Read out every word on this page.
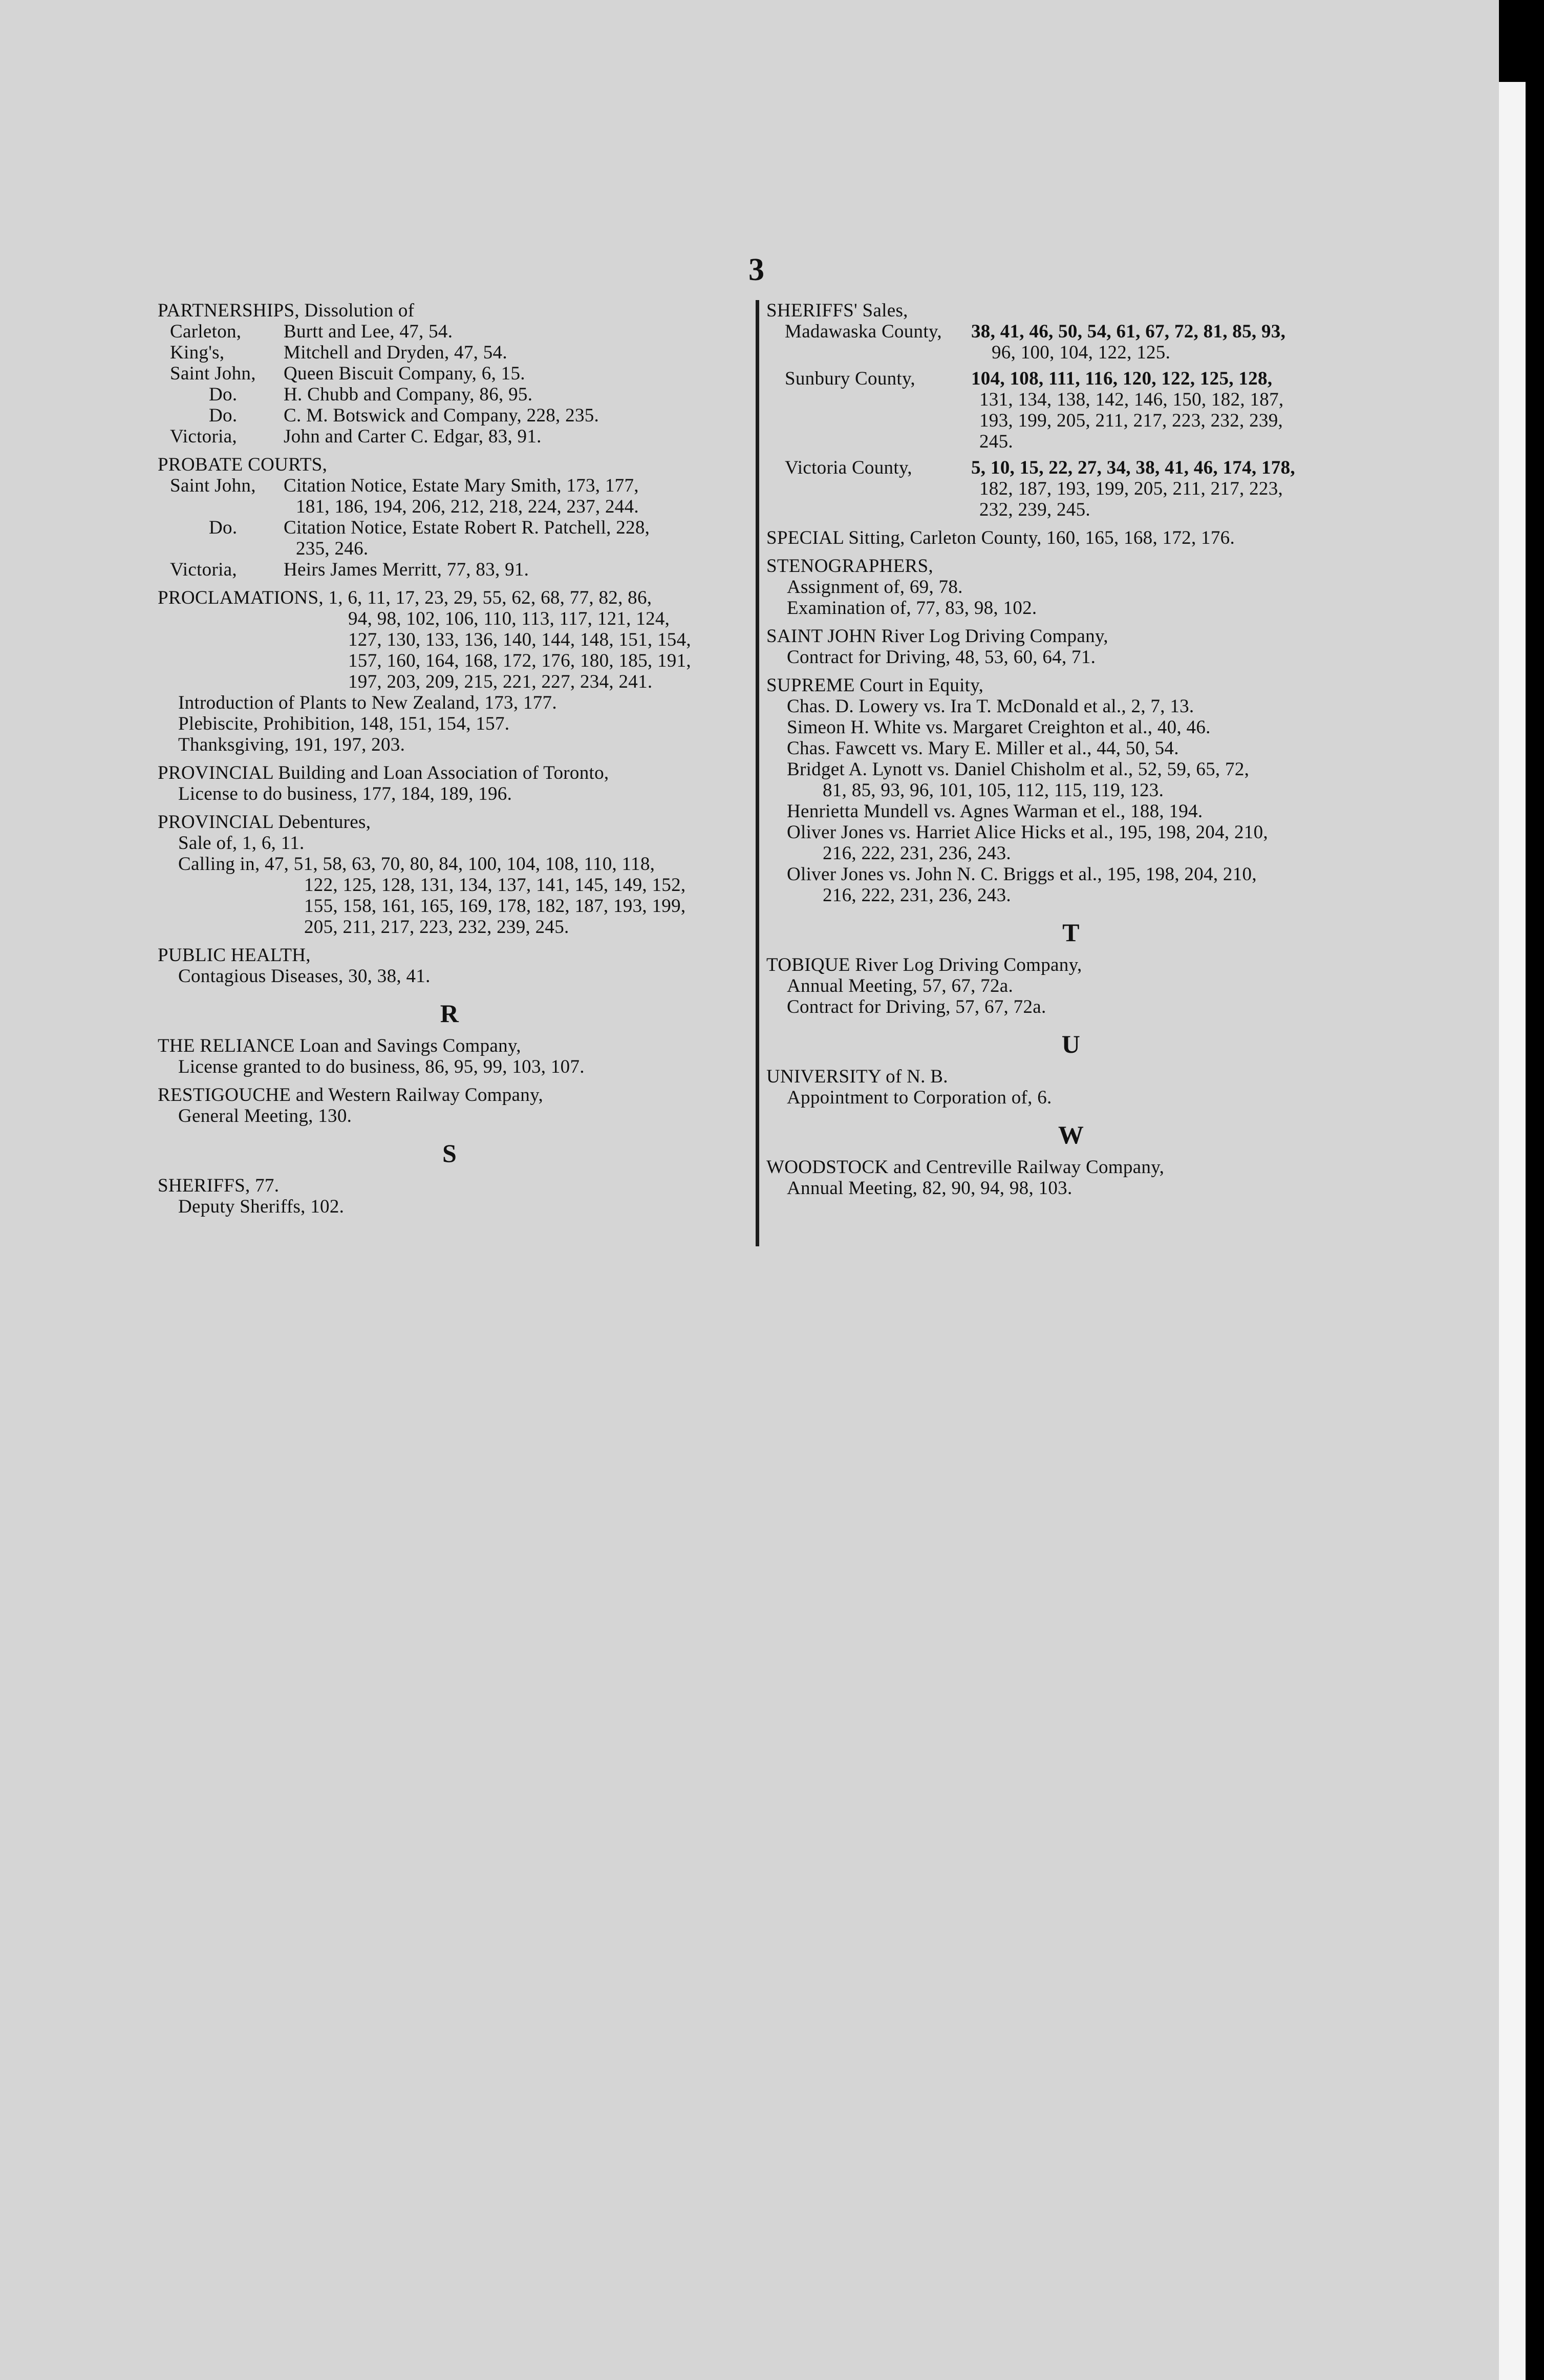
3
PARTNERSHIPS, Dissolution of
Carleton,	Burtt and Lee, 47, 54.
King's,	Mitchell and Dryden, 47, 54.
Saint John,	Queen Biscuit Company, 6, 15.
Do.	H. Chubb and Company, 86, 95.
Do.	C. M. Botswick and Company, 228, 235.
Victoria,	John and Carter C. Edgar, 83, 91.
PROBATE COURTS,
Saint John,	Citation Notice, Estate Mary Smith, 173, 177,
181, 186, 194, 206, 212, 218, 224, 237, 244.
Do.	Citation Notice, Estate Robert R. Patchell, 228,
235, 246.
Victoria,	Heirs James Merritt, 77, 83, 91.
PROCLAMATIONS, 1, 6, 11, 17, 23, 29, 55, 62, 68, 77, 82, 86,
94, 98, 102, 106, 110, 113, 117, 121, 124,
127, 130, 133, 136, 140, 144, 148, 151, 154,
157, 160, 164, 168, 172, 176, 180, 185, 191,
197, 203, 209, 215, 221, 227, 234, 241.
Introduction of Plants to New Zealand, 173, 177.
Plebiscite, Prohibition, 148, 151, 154, 157.
Thanksgiving, 191, 197, 203.
PROVINCIAL Building and Loan Association of Toronto,
License to do business, 177, 184, 189, 196.
PROVINCIAL Debentures,
Sale of, 1, 6, 11.
Calling in, 47, 51, 58, 63, 70, 80, 84, 100, 104, 108, 110, 118,
122, 125, 128, 131, 134, 137, 141, 145, 149, 152,
155, 158, 161, 165, 169, 178, 182, 187, 193, 199,
205, 211, 217, 223, 232, 239, 245.
PUBLIC HEALTH,
Contagious Diseases, 30, 38, 41.
R
THE RELIANCE Loan and Savings Company,
License granted to do business, 86, 95, 99, 103, 107.
RESTIGOUCHE and Western Railway Company,
General Meeting, 130.
S
SHERIFFS, 77.
Deputy Sheriffs, 102.
SHERIFFS' Sales,
Madawaska County,	38, 41, 46, 50, 54, 61, 67, 72, 81, 85, 93,
96, 100, 104, 122, 125.
Sunbury County,	104, 108, 111, 116, 120, 122, 125, 128,
131, 134, 138, 142, 146, 150, 182, 187,
193, 199, 205, 211, 217, 223, 232, 239,
245.
Victoria County,	5, 10, 15, 22, 27, 34, 38, 41, 46, 174, 178,
182, 187, 193, 199, 205, 211, 217, 223,
232, 239, 245.
SPECIAL Sitting, Carleton County, 160, 165, 168, 172, 176.
STENOGRAPHERS,
Assignment of, 69, 78.
Examination of, 77, 83, 98, 102.
SAINT JOHN River Log Driving Company,
Contract for Driving, 48, 53, 60, 64, 71.
SUPREME Court in Equity,
Chas. D. Lowery vs. Ira T. McDonald et al., 2, 7, 13.
Simeon H. White vs. Margaret Creighton et al., 40, 46.
Chas. Fawcett vs. Mary E. Miller et al., 44, 50, 54.
Bridget A. Lynott vs. Daniel Chisholm et al., 52, 59, 65, 72,
81, 85, 93, 96, 101, 105, 112, 115, 119, 123.
Henrietta Mundell vs. Agnes Warman et el., 188, 194.
Oliver Jones vs. Harriet Alice Hicks et al., 195, 198, 204, 210,
216, 222, 231, 236, 243.
Oliver Jones vs. John N. C. Briggs et al., 195, 198, 204, 210,
216, 222, 231, 236, 243.
T
TOBIQUE River Log Driving Company,
Annual Meeting, 57, 67, 72a.
Contract for Driving, 57, 67, 72a.
U
UNIVERSITY of N. B.
Appointment to Corporation of, 6.
W
WOODSTOCK and Centreville Railway Company,
Annual Meeting, 82, 90, 94, 98, 103.
